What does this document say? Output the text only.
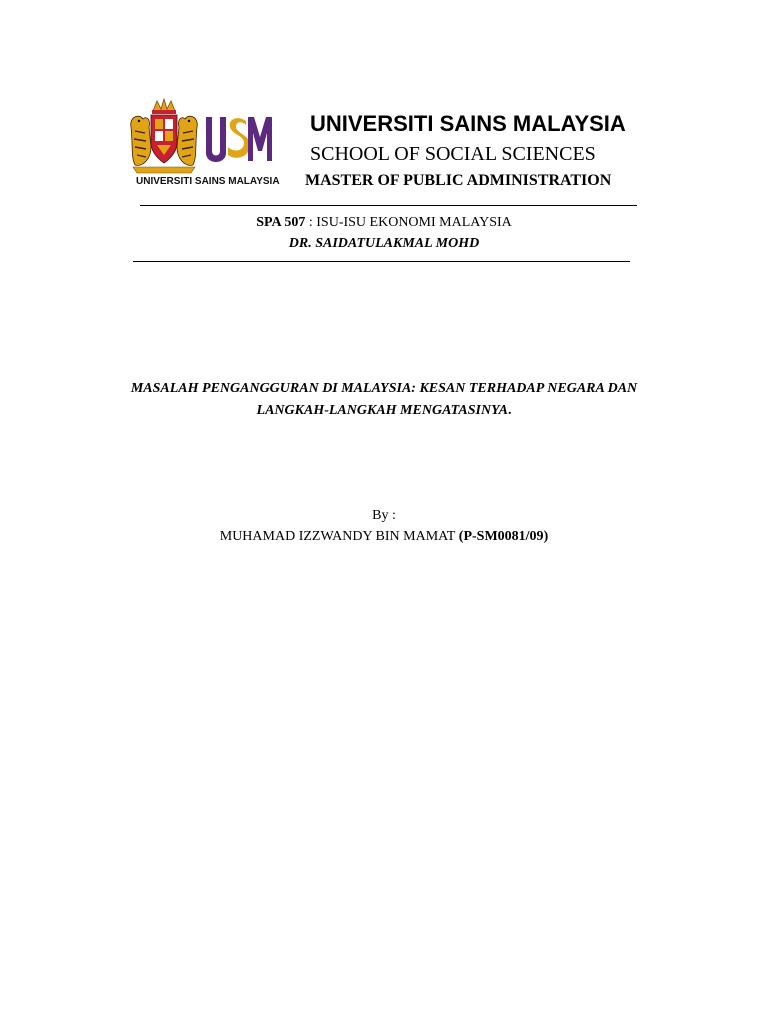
UNIVERSITI SAINS MALAYSIA
UNIVERSITI SAINS MALAYSIA
SCHOOL OF SOCIAL SCIENCES
MASTER OF PUBLIC ADMINISTRATION
SPA 507 : ISU-ISU EKONOMI MALAYSIA
DR. SAIDATULAKMAL MOHD
MASALAH PENGANGGURAN DI MALAYSIA: KESAN TERHADAP NEGARA DAN
LANGKAH-LANGKAH MENGATASINYA.
By :
MUHAMAD IZZWANDY BIN MAMAT (P-SM0081/09)
